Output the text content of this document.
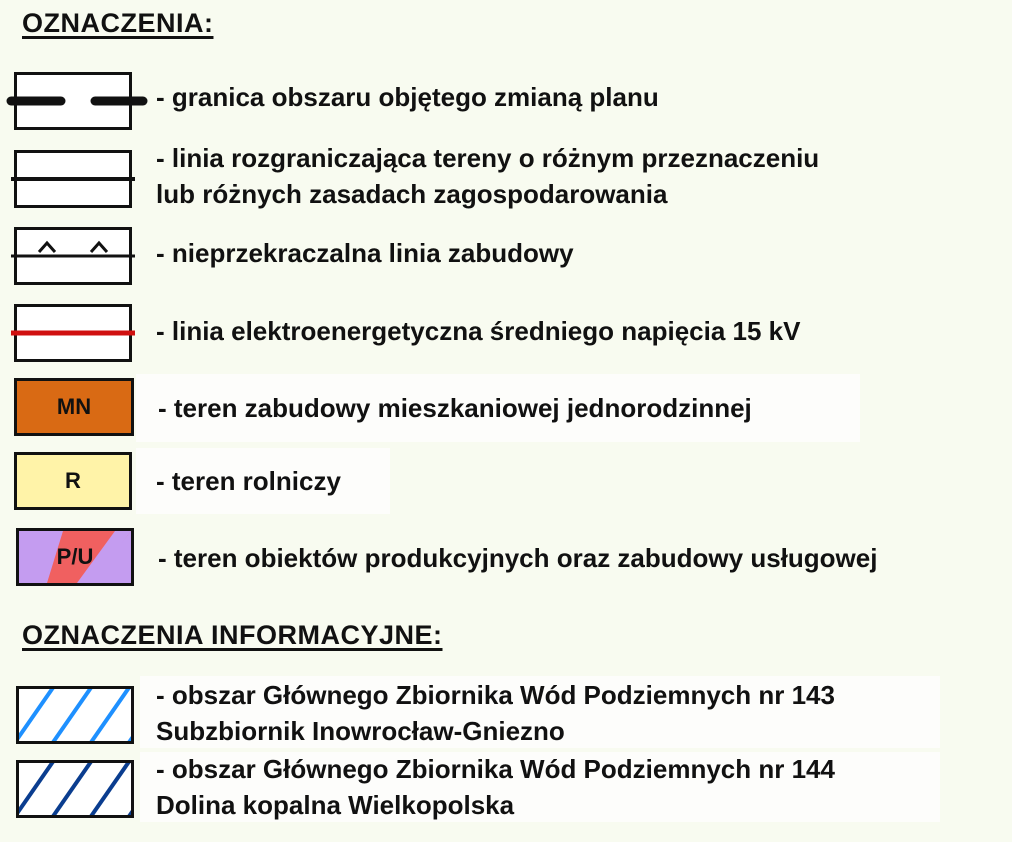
OZNACZENIA:
- granica obszaru objętego zmianą planu
- linia rozgraniczająca tereny o różnym przeznaczeniu
lub różnych zasadach zagospodarowania
- nieprzekraczalna linia zabudowy
- linia elektroenergetyczna średniego napięcia 15 kV
MN	- teren zabudowy mieszkaniowej jednorodzinnej
R	- teren rolniczy
P/U	- teren obiektów produkcyjnych oraz zabudowy usługowej
OZNACZENIA INFORMACYJNE:
- obszar Głównego Zbiornika Wód Podziemnych nr 143
Subzbiornik Inowrocław-Gniezno
- obszar Głównego Zbiornika Wód Podziemnych nr 144
Dolina kopalna Wielkopolska
